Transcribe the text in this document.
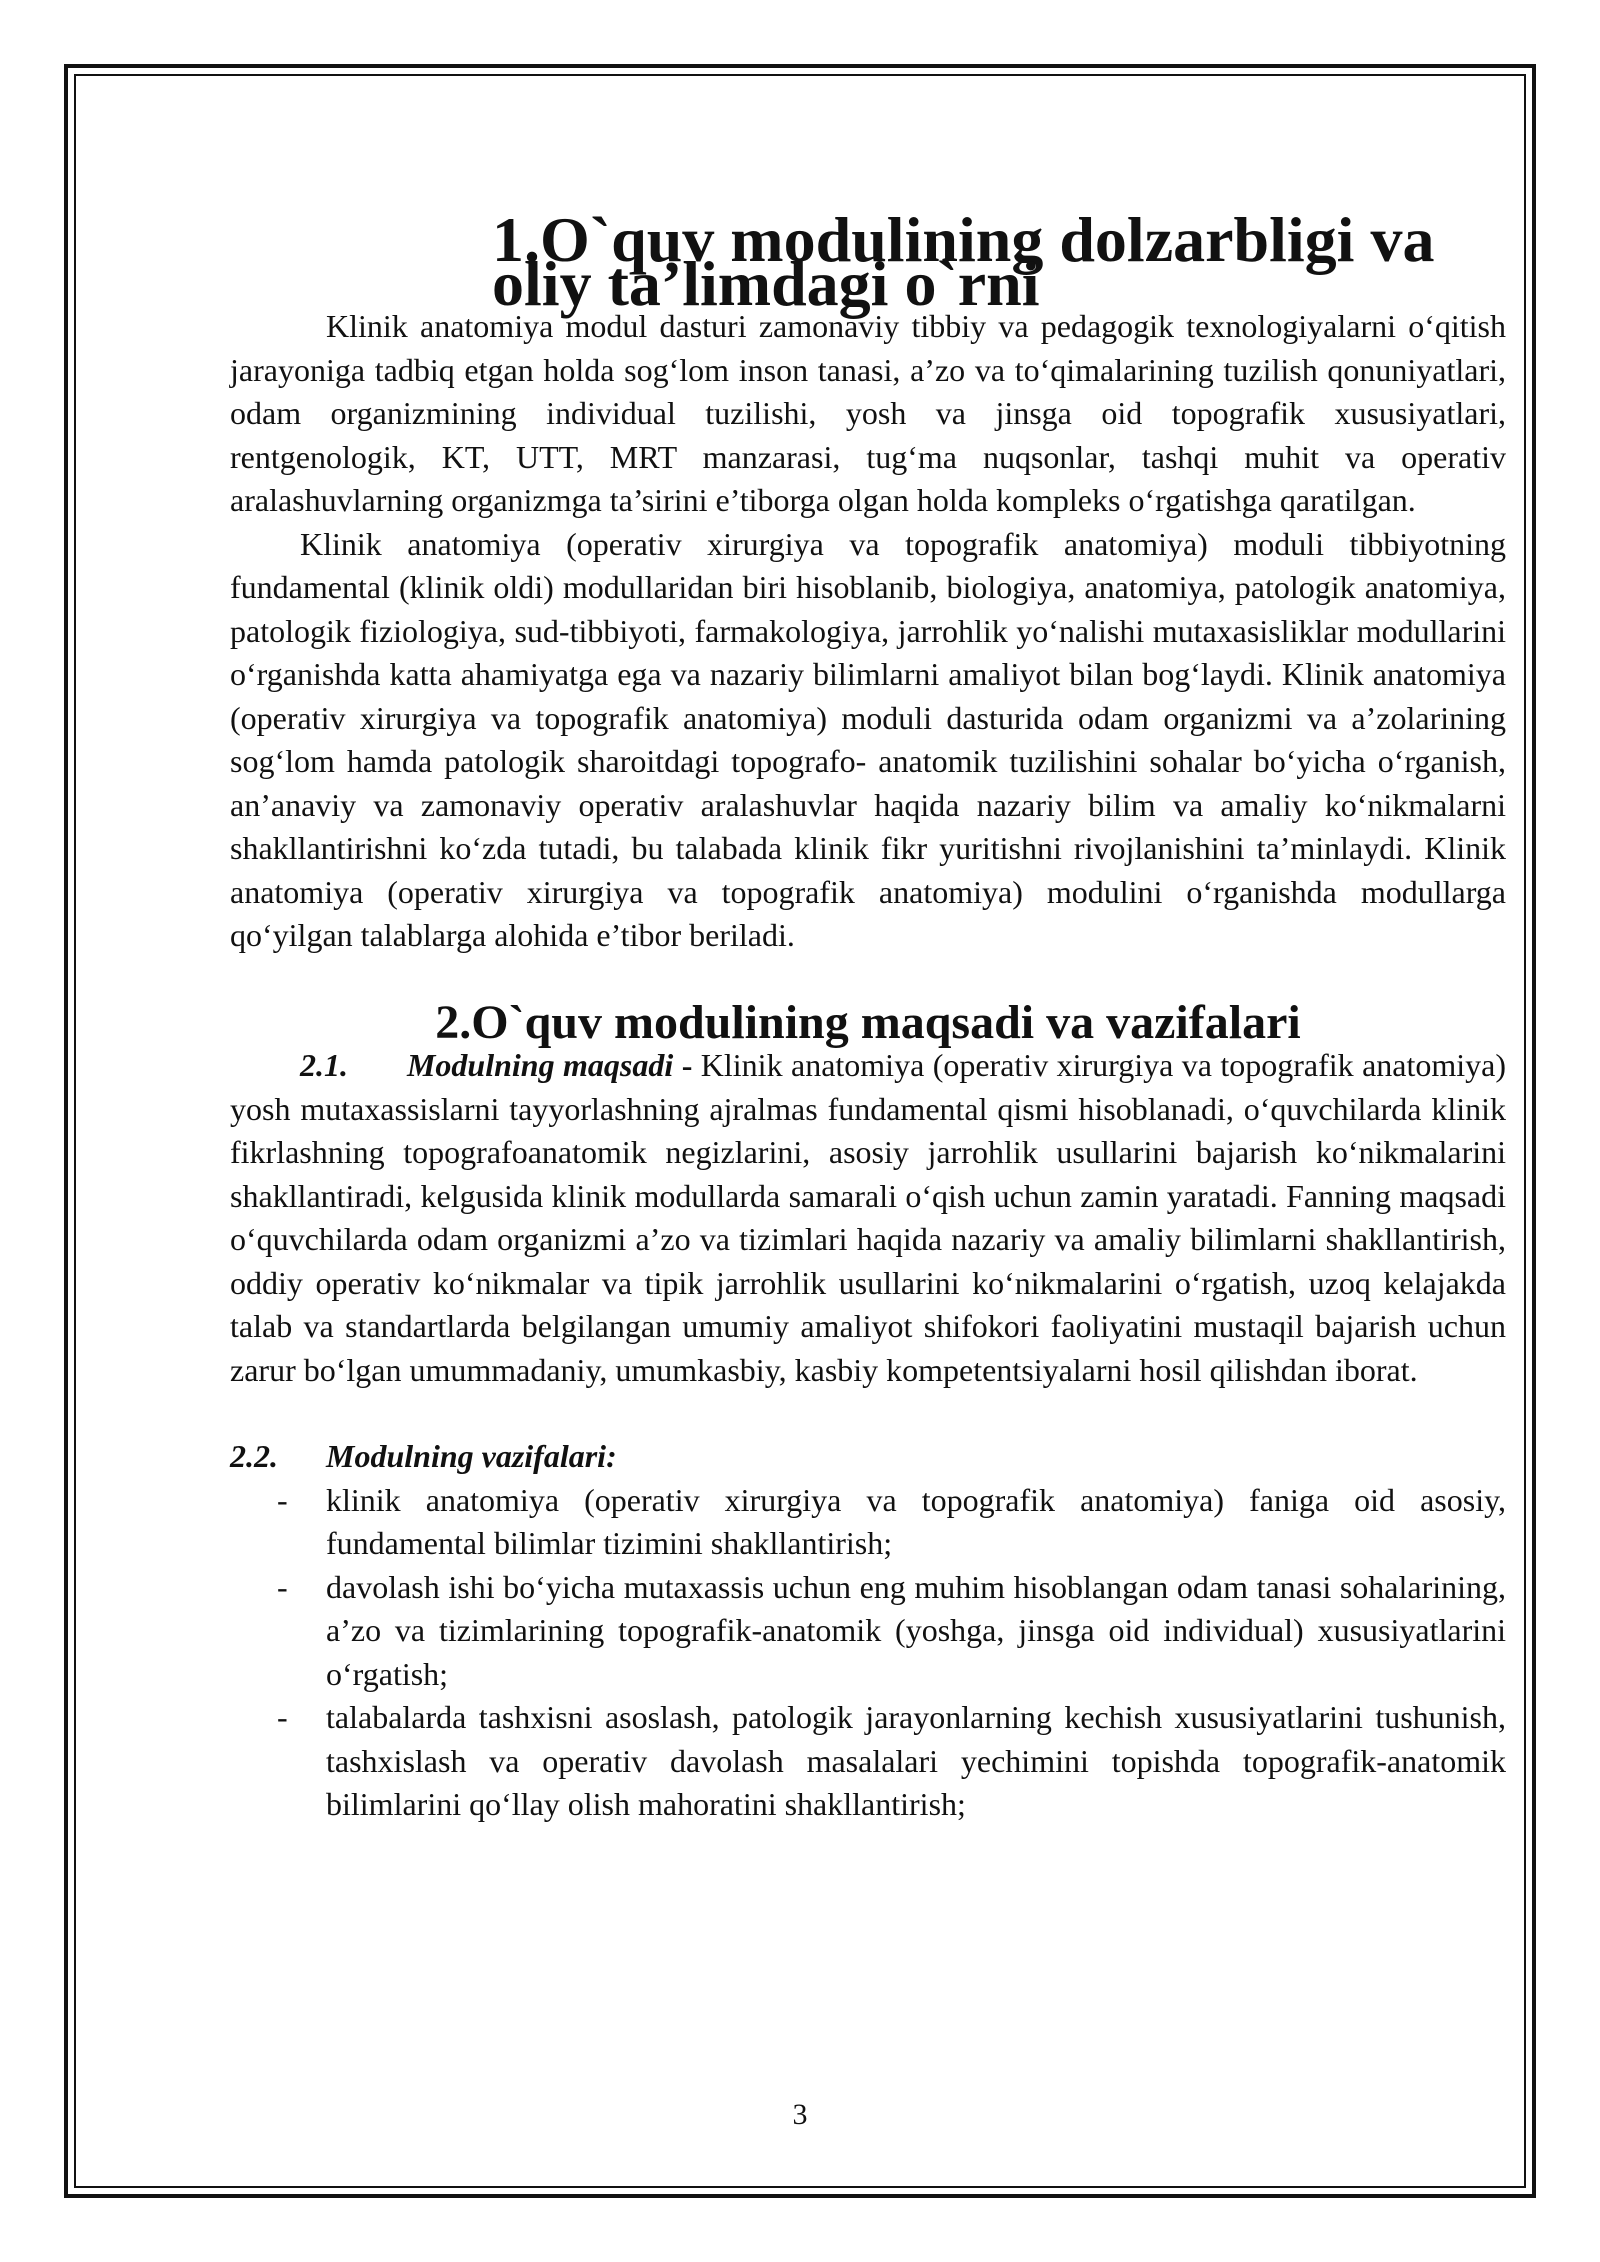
1.O`quv modulining dolzarbligi va oliy ta’limdagi o`rni

Klinik anatomiya modul dasturi zamonaviy tibbiy va pedagogik texnologiyalarni o‘qitish jarayoniga tadbiq etgan holda sog‘lom inson tanasi, a’zo va to‘qimalarining tuzilish qonuniyatlari, odam organizmining individual tuzilishi, yosh va jinsga oid topografik xususiyatlari, rentgenologik, KT, UTT, MRT manzarasi, tug‘ma nuqsonlar, tashqi muhit va operativ aralashuvlarning organizmga ta’sirini e’tiborga olgan holda kompleks o‘rgatishga qaratilgan.

Klinik anatomiya (operativ xirurgiya va topografik anatomiya) moduli tibbiyotning fundamental (klinik oldi) modullaridan biri hisoblanib, biologiya, anatomiya, patologik anatomiya, patologik fiziologiya, sud-tibbiyoti, farmakologiya, jarrohlik yo‘nalishi mutaxasisliklar modullarini o‘rganishda katta ahamiyatga ega va nazariy bilimlarni amaliyot bilan bog‘laydi. Klinik anatomiya (operativ xirurgiya va topografik anatomiya) moduli dasturida odam organizmi va a’zolarining sog‘lom hamda patologik sharoitdagi topografo- anatomik tuzilishini sohalar bo‘yicha o‘rganish, an’anaviy va zamonaviy operativ aralashuvlar haqida nazariy bilim va amaliy ko‘nikmalarni shakllantirishni ko‘zda tutadi, bu talabada klinik fikr yuritishni rivojlanishini ta’minlaydi. Klinik anatomiya (operativ xirurgiya va topografik anatomiya) modulini o‘rganishda modullarga qo‘yilgan talablarga alohida e’tibor beriladi.

2.O`quv modulining maqsadi va vazifalari

2.1. Modulning maqsadi - Klinik anatomiya (operativ xirurgiya va topografik anatomiya) yosh mutaxassislarni tayyorlashning ajralmas fundamental qismi hisoblanadi, o‘quvchilarda klinik fikrlashning topografoanatomik negizlarini, asosiy jarrohlik usullarini bajarish ko‘nikmalarini shakllantiradi, kelgusida klinik modullarda samarali o‘qish uchun zamin yaratadi. Fanning maqsadi o‘quvchilarda odam organizmi a’zo va tizimlari haqida nazariy va amaliy bilimlarni shakllantirish, oddiy operativ ko‘nikmalar va tipik jarrohlik usullarini ko‘nikmalarini o‘rgatish, uzoq kelajakda talab va standartlarda belgilangan umumiy amaliyot shifokori faoliyatini mustaqil bajarish uchun zarur bo‘lgan umummadaniy, umumkasbiy, kasbiy kompetentsiyalarni hosil qilishdan iborat.

2.2. Modulning vazifalari:

- klinik anatomiya (operativ xirurgiya va topografik anatomiya) faniga oid asosiy, fundamental bilimlar tizimini shakllantirish;
- davolash ishi bo‘yicha mutaxassis uchun eng muhim hisoblangan odam tanasi sohalarining, a’zo va tizimlarining topografik-anatomik (yoshga, jinsga oid individual) xususiyatlarini o‘rgatish;
- talabalarda tashxisni asoslash, patologik jarayonlarning kechish xususiyatlarini tushunish, tashxislash va operativ davolash masalalari yechimini topishda topografik-anatomik bilimlarini qo‘llay olish mahoratini shakllantirish;
3
